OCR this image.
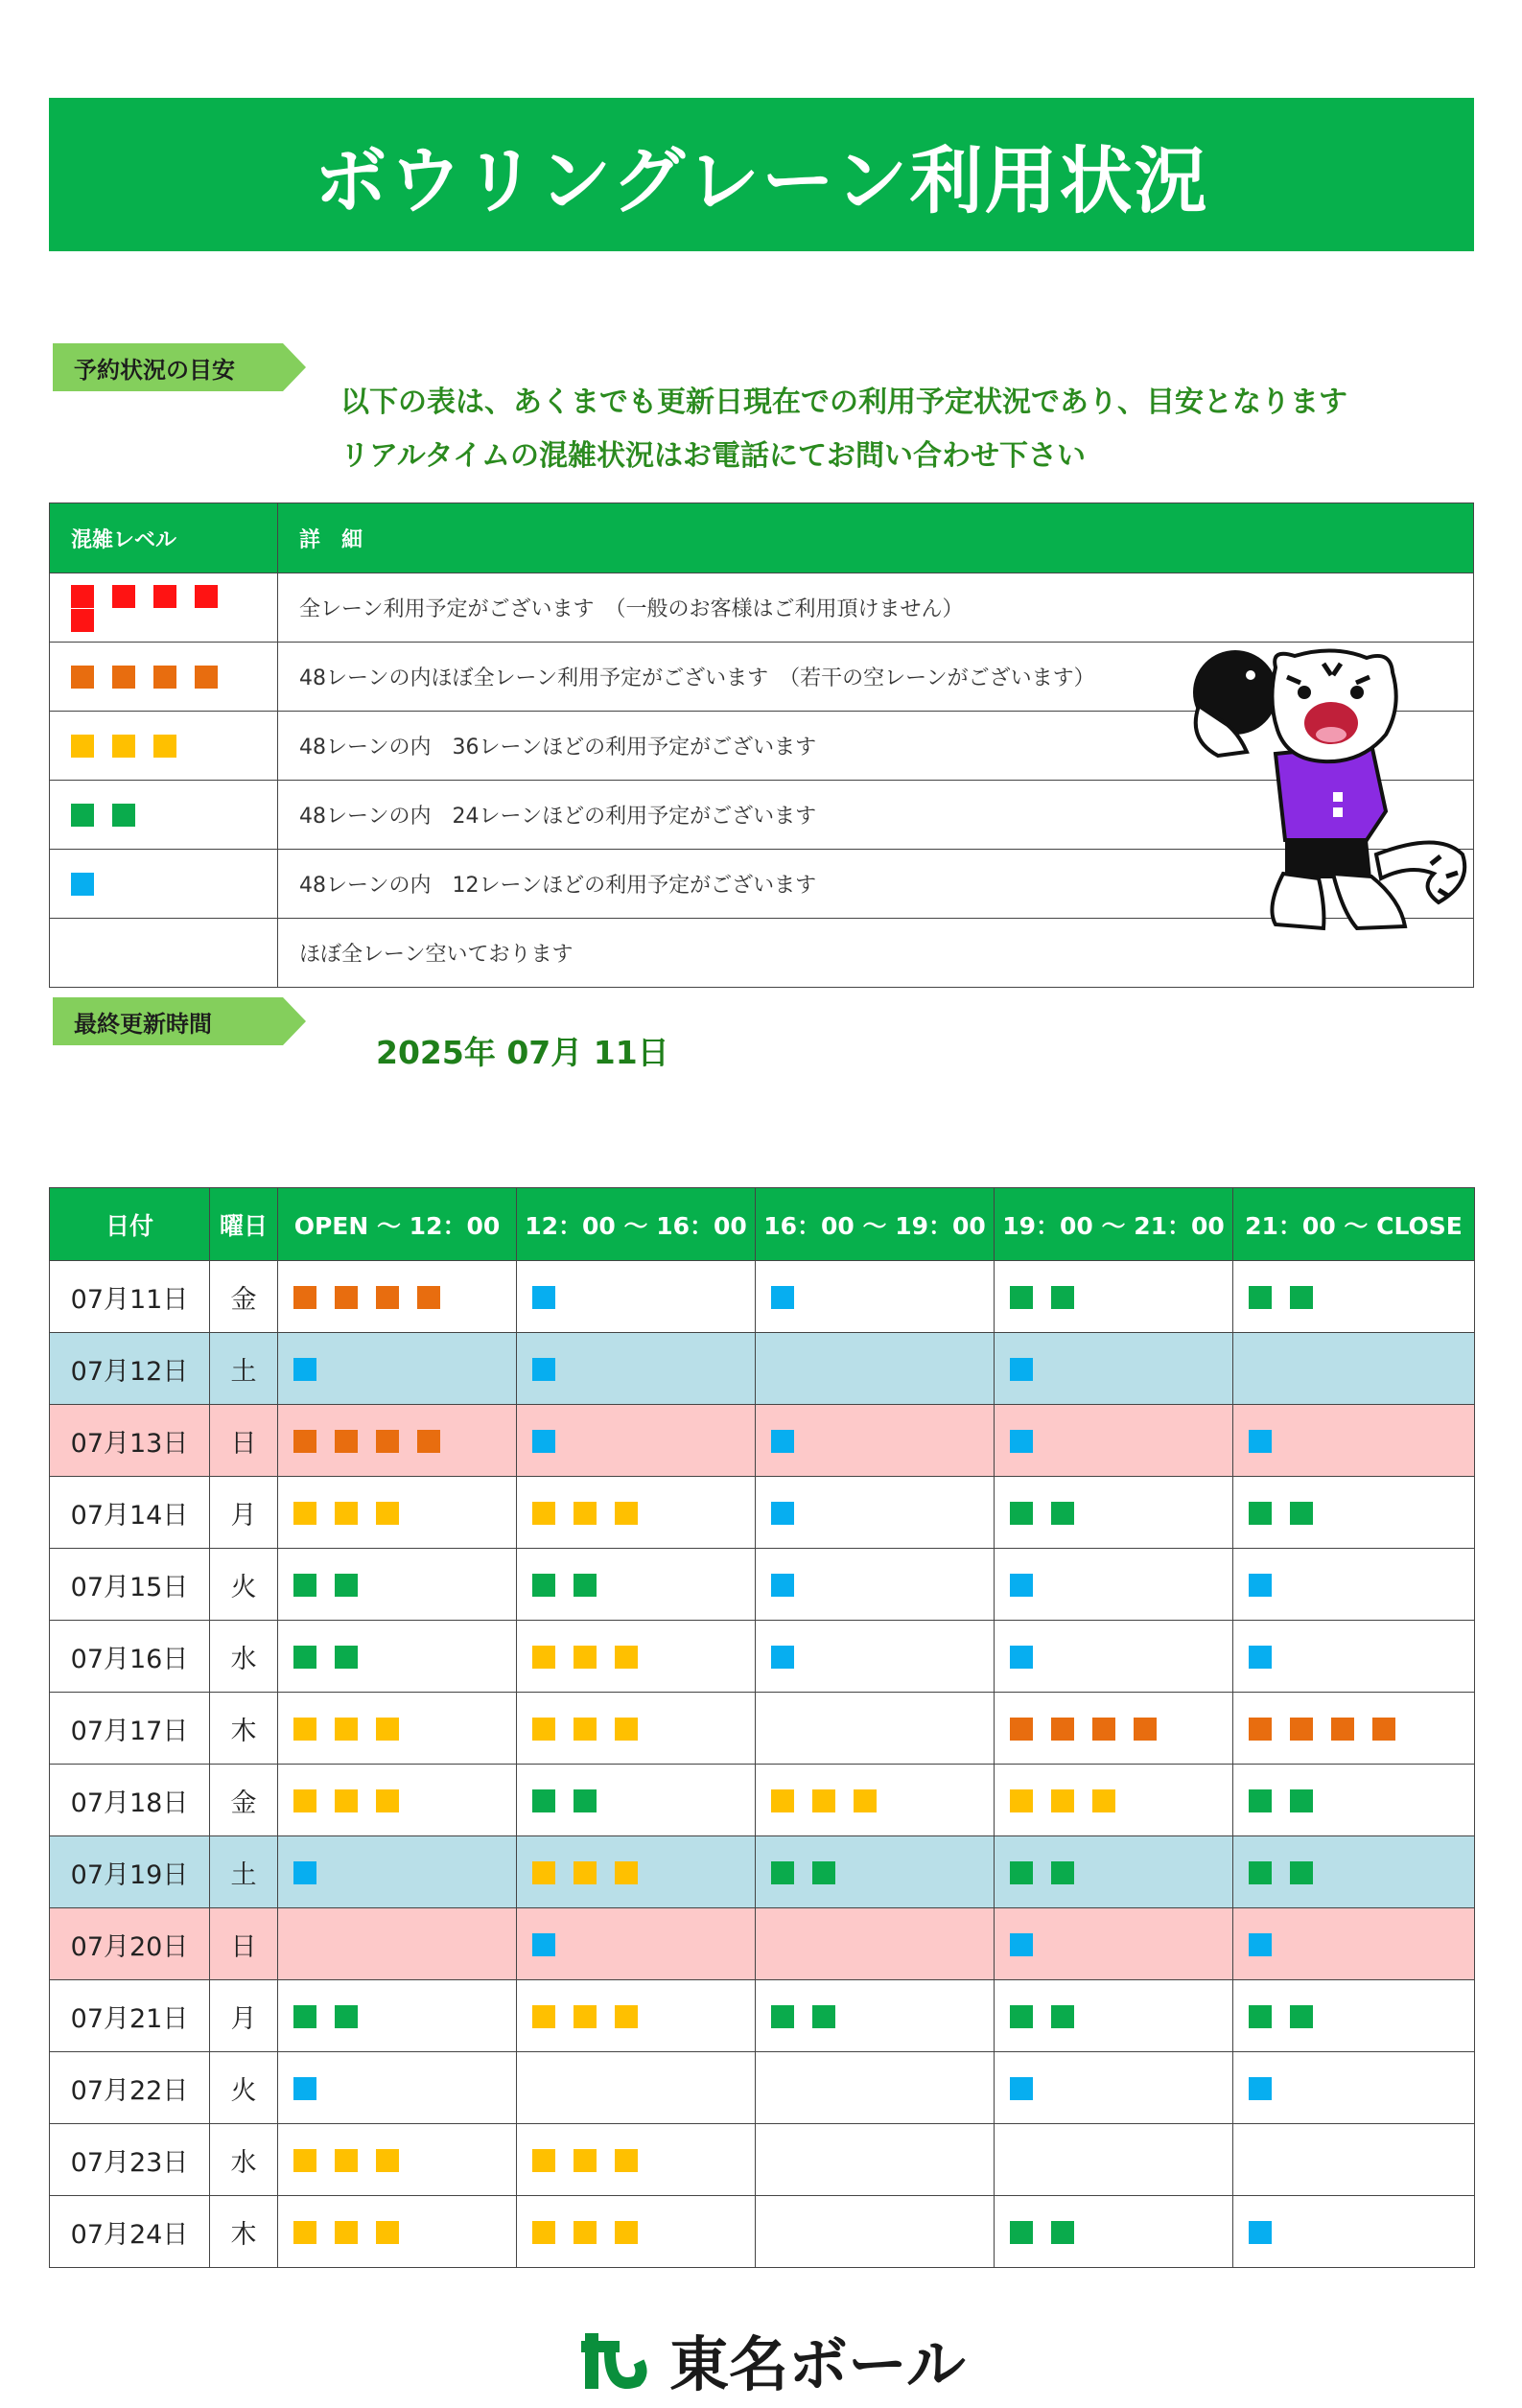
ボウリングレーン利用状況
予約状況の目安
以下の表は、あくまでも更新日現在での利用予定状況であり、目安となります
リアルタイムの混雑状況はお電話にてお問い合わせ下さい
混雑レベル	詳　細
	全レーン利用予定がございます　（一般のお客様はご利用頂けません）
	48レーンの内ほぼ全レーン利用予定がございます　（若干の空レーンがございます）
	48レーンの内　36レーンほどの利用予定がございます
	48レーンの内　24レーンほどの利用予定がございます
	48レーンの内　12レーンほどの利用予定がございます
	ほぼ全レーン空いております
最終更新時間
2025年 07月 11日
日付	曜日	OPEN ～ 12：00	12：00 ～ 16：00	16：00 ～ 19：00	19：00 ～ 21：00	21：00 ～ CLOSE
07月11日	金					
07月12日	土					
07月13日	日					
07月14日	月					
07月15日	火					
07月16日	水					
07月17日	木					
07月18日	金					
07月19日	土					
07月20日	日					
07月21日	月					
07月22日	火					
07月23日	水					
07月24日	木					
東名ボール
